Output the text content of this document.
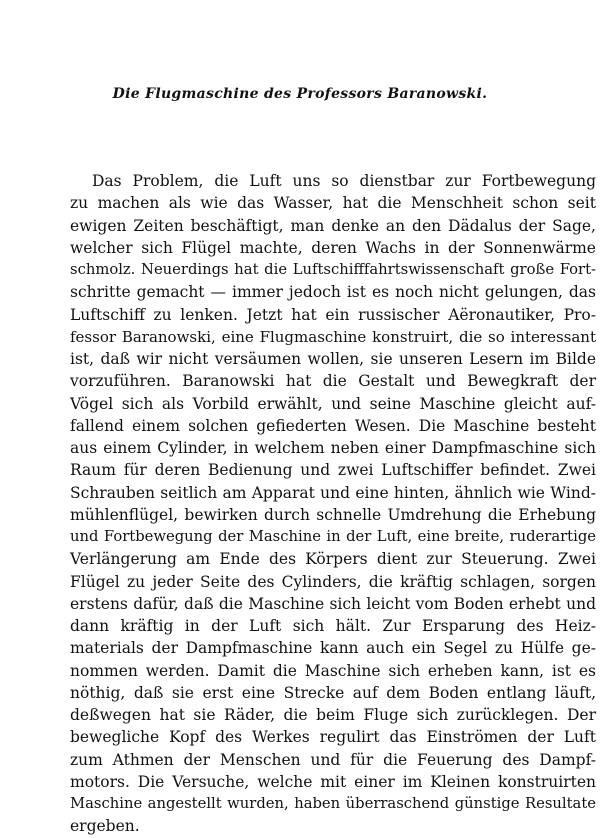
Die Flugmaschine des Professors Baranowski.
Das Problem, die Luft uns so dienstbar zur Fortbewegung
zu machen als wie das Wasser, hat die Menschheit schon seit
ewigen Zeiten beschäftigt, man denke an den Dädalus der Sage,
welcher sich Flügel machte, deren Wachs in der Sonnenwärme
schmolz. Neuerdings hat die Luftschifffahrtswissenschaft große Fort-
schritte gemacht — immer jedoch ist es noch nicht gelungen, das
Luftschiff zu lenken. Jetzt hat ein russischer Aëronautiker, Pro-
fessor Baranowski, eine Flugmaschine konstruirt, die so interessant
ist, daß wir nicht versäumen wollen, sie unseren Lesern im Bilde
vorzuführen. Baranowski hat die Gestalt und Bewegkraft der
Vögel sich als Vorbild erwählt, und seine Maschine gleicht auf-
fallend einem solchen gefiederten Wesen. Die Maschine besteht
aus einem Cylinder, in welchem neben einer Dampfmaschine sich
Raum für deren Bedienung und zwei Luftschiffer befindet. Zwei
Schrauben seitlich am Apparat und eine hinten, ähnlich wie Wind-
mühlenflügel, bewirken durch schnelle Umdrehung die Erhebung
und Fortbewegung der Maschine in der Luft, eine breite, ruderartige
Verlängerung am Ende des Körpers dient zur Steuerung. Zwei
Flügel zu jeder Seite des Cylinders, die kräftig schlagen, sorgen
erstens dafür, daß die Maschine sich leicht vom Boden erhebt und
dann kräftig in der Luft sich hält. Zur Ersparung des Heiz-
materials der Dampfmaschine kann auch ein Segel zu Hülfe ge-
nommen werden. Damit die Maschine sich erheben kann, ist es
nöthig, daß sie erst eine Strecke auf dem Boden entlang läuft,
deßwegen hat sie Räder, die beim Fluge sich zurücklegen. Der
bewegliche Kopf des Werkes regulirt das Einströmen der Luft
zum Athmen der Menschen und für die Feuerung des Dampf-
motors. Die Versuche, welche mit einer im Kleinen konstruirten
Maschine angestellt wurden, haben überraschend günstige Resultate
ergeben.
